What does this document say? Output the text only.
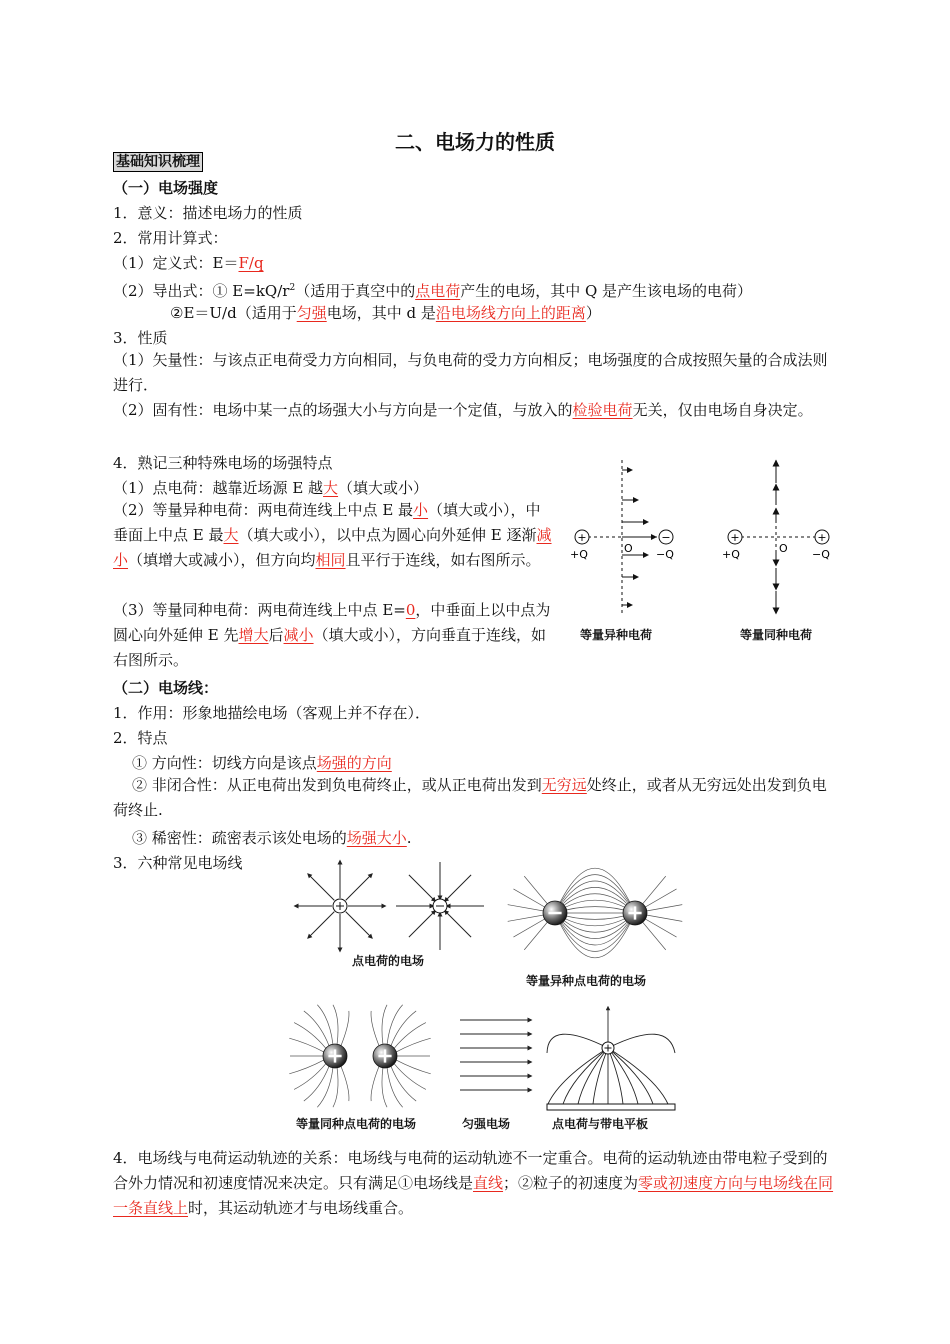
二、电场力的性质
基础知识梳理
（一）电场强度
1．意义：描述电场力的性质
2．常用计算式：
（1）定义式：E＝F/q
（2）导出式：① $E=kQ/r^2$（适用于真空中的点电荷产生的电场，其中 Q 是产生该电场的电荷）
②E＝U/d（适用于匀强电场，其中 d 是沿电场线方向上的距离）
3．性质
（1）矢量性：与该点正电荷受力方向相同，与负电荷的受力方向相反；电场强度的合成按照矢量的合成法则进行．
（2）固有性：电场中某一点的场强大小与方向是一个定值，与放入的检验电荷无关，仅由电场自身决定。
4．熟记三种特殊电场的场强特点
（1）点电荷：越靠近场源 E 越大（填大或小）
（2）等量异种电荷：两电荷连线上中点 E 最小（填大或小），中垂面上中点 E 最大（填大或小），以中点为圆心向外延伸 E 逐渐减小（填增大或减小），但方向均相同且平行于连线，如右图所示。
（3）等量同种电荷：两电荷连线上中点 E=0，中垂面上以中点为圆心向外延伸 E 先增大后减小（填大或小），方向垂直于连线，如右图所示。
+	−
+Q	−Q
O
+	+
+Q	−Q
O
等量异种电荷	等量同种电荷
（二）电场线：
1．作用：形象地描绘电场（客观上并不存在）．
2．特点
① 方向性：切线方向是该点场强的方向
② 非闭合性：从正电荷出发到负电荷终止，或从正电荷出发到无穷远处终止，或者从无穷远处出发到负电荷终止.
③ 稀密性：疏密表示该处电场的场强大小.
3．六种常见电场线
点电荷的电场
等量异种点电荷的电场
等量同种点电荷的电场	匀强电场	点电荷与带电平板
4．电场线与电荷运动轨迹的关系：电场线与电荷的运动轨迹不一定重合。电荷的运动轨迹由带电粒子受到的合外力情况和初速度情况来决定。只有满足①电场线是直线；②粒子的初速度为零或初速度方向与电场线在同一条直线上时，其运动轨迹才与电场线重合。
